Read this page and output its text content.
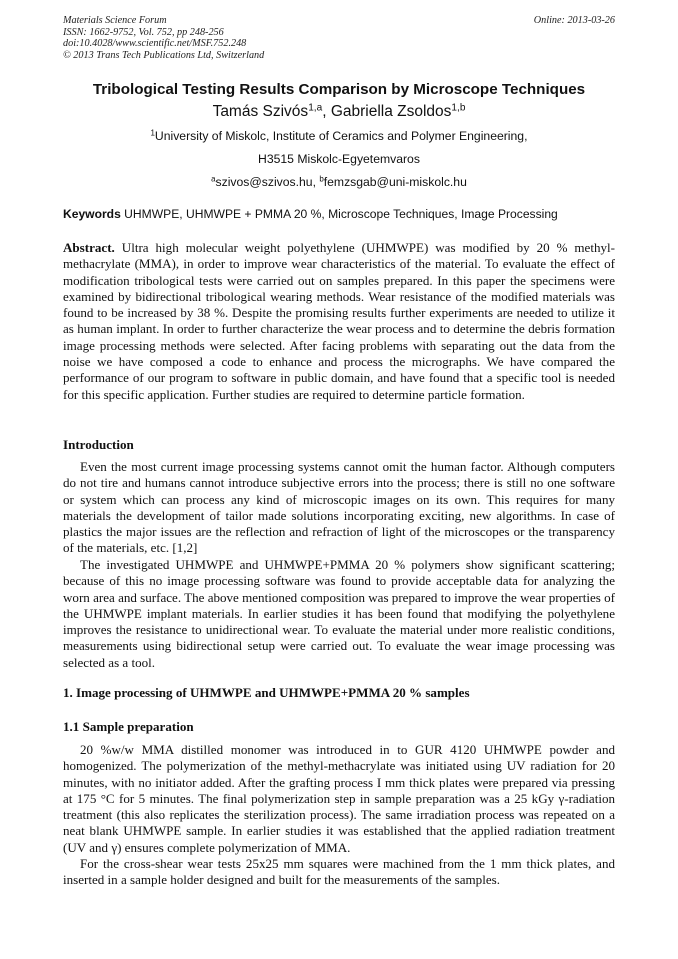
Materials Science Forum
ISSN: 1662-9752, Vol. 752, pp 248-256
doi:10.4028/www.scientific.net/MSF.752.248
© 2013 Trans Tech Publications Ltd, Switzerland
Online: 2013-03-26
Tribological Testing Results Comparison by Microscope Techniques
Tamás Szivós$^{1,a}$, Gabriella Zsoldos$^{1,b}$
$^1$University of Miskolc, Institute of Ceramics and Polymer Engineering,
H3515 Miskolc-Egyetemvaros
$^a$szivos@szivos.hu, $^b$femzsgab@uni-miskolc.hu
Keywords UHMWPE, UHMWPE + PMMA 20 %, Microscope Techniques, Image Processing
Abstract. Ultra high molecular weight polyethylene (UHMWPE) was modified by 20 % methyl-methacrylate (MMA), in order to improve wear characteristics of the material. To evaluate the effect of modification tribological tests were carried out on samples prepared. In this paper the specimens were examined by bidirectional tribological wearing methods. Wear resistance of the modified materials was found to be increased by 38 %. Despite the promising results further experiments are needed to utilize it as human implant. In order to further characterize the wear process and to determine the debris formation image processing methods were selected. After facing problems with separating out the data from the noise we have composed a code to enhance and process the micrographs. We have compared the performance of our program to software in public domain, and have found that a specific tool is needed for this specific application. Further studies are required to determine particle formation.
Introduction
Even the most current image processing systems cannot omit the human factor. Although computers do not tire and humans cannot introduce subjective errors into the process; there is still no one software or system which can process any kind of microscopic images on its own. This requires for many materials the development of tailor made solutions incorporating exciting, new algorithms. In case of plastics the major issues are the reflection and refraction of light of the microscopes or the transparency of the materials, etc. [1,2]
The investigated UHMWPE and UHMWPE+PMMA 20 % polymers show significant scattering; because of this no image processing software was found to provide acceptable data for analyzing the worn area and surface. The above mentioned composition was prepared to improve the wear properties of the UHMWPE implant materials. In earlier studies it has been found that modifying the polyethylene improves the resistance to unidirectional wear. To evaluate the material under more realistic conditions, measurements using bidirectional setup were carried out. To evaluate the wear image processing was selected as a tool.
1. Image processing of UHMWPE and UHMWPE+PMMA 20 % samples
1.1 Sample preparation
20 %w/w MMA distilled monomer was introduced in to GUR 4120 UHMWPE powder and homogenized. The polymerization of the methyl-methacrylate was initiated using UV radiation for 20 minutes, with no initiator added. After the grafting process I mm thick plates were prepared via pressing at 175 °C for 5 minutes. The final polymerization step in sample preparation was a 25 kGy γ-radiation treatment (this also replicates the sterilization process). The same irradiation process was repeated on a neat blank UHMWPE sample. In earlier studies it was established that the applied radiation treatment (UV and γ) ensures complete polymerization of MMA.
For the cross-shear wear tests 25x25 mm squares were machined from the 1 mm thick plates, and inserted in a sample holder designed and built for the measurements of the samples.
